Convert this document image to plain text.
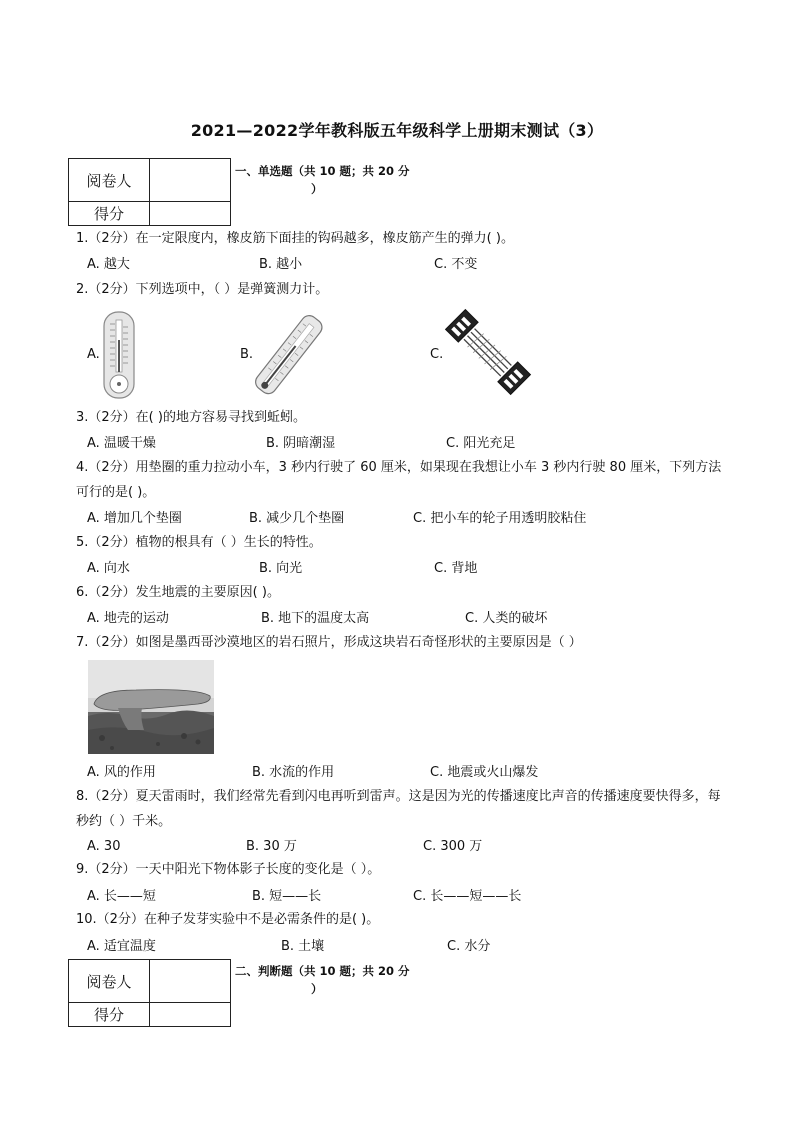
2021—2022学年教科版五年级科学上册期末测试（3）
阅卷人	
得分	
一、单选题（共 10 题；共 20 分
）
1.（2分）在一定限度内，橡皮筋下面挂的钩码越多，橡皮筋产生的弹力( )。
A. 越大	B. 越小	C. 不变
2.（2分）下列选项中，（ ）是弹簧测力计。
A.	B.	C.
3.（2分）在( )的地方容易寻找到蚯蚓。
A. 温暖干燥	B. 阴暗潮湿	C. 阳光充足
4.（2分）用垫圈的重力拉动小车，3 秒内行驶了 60 厘米，如果现在我想让小车 3 秒内行驶 80 厘米，下列方法可行的是( )。
A. 增加几个垫圈	B. 减少几个垫圈	C. 把小车的轮子用透明胶粘住
5.（2分）植物的根具有（ ）生长的特性。
A. 向水	B. 向光	C. 背地
6.（2分）发生地震的主要原因( )。
A. 地壳的运动	B. 地下的温度太高	C. 人类的破坏
7.（2分）如图是墨西哥沙漠地区的岩石照片，形成这块岩石奇怪形状的主要原因是（ ）
A. 风的作用	B. 水流的作用	C. 地震或火山爆发
8.（2分）夏天雷雨时，我们经常先看到闪电再听到雷声。这是因为光的传播速度比声音的传播速度要快得多，每秒约（ ）千米。
A. 30	B. 30 万	C. 300 万
9.（2分）一天中阳光下物体影子长度的变化是（ ）。
A. 长——短	B. 短——长	C. 长——短——长
10.（2分）在种子发芽实验中不是必需条件的是( )。
A. 适宜温度	B. 土壤	C. 水分
阅卷人	
得分	
二、判断题（共 10 题；共 20 分
）
